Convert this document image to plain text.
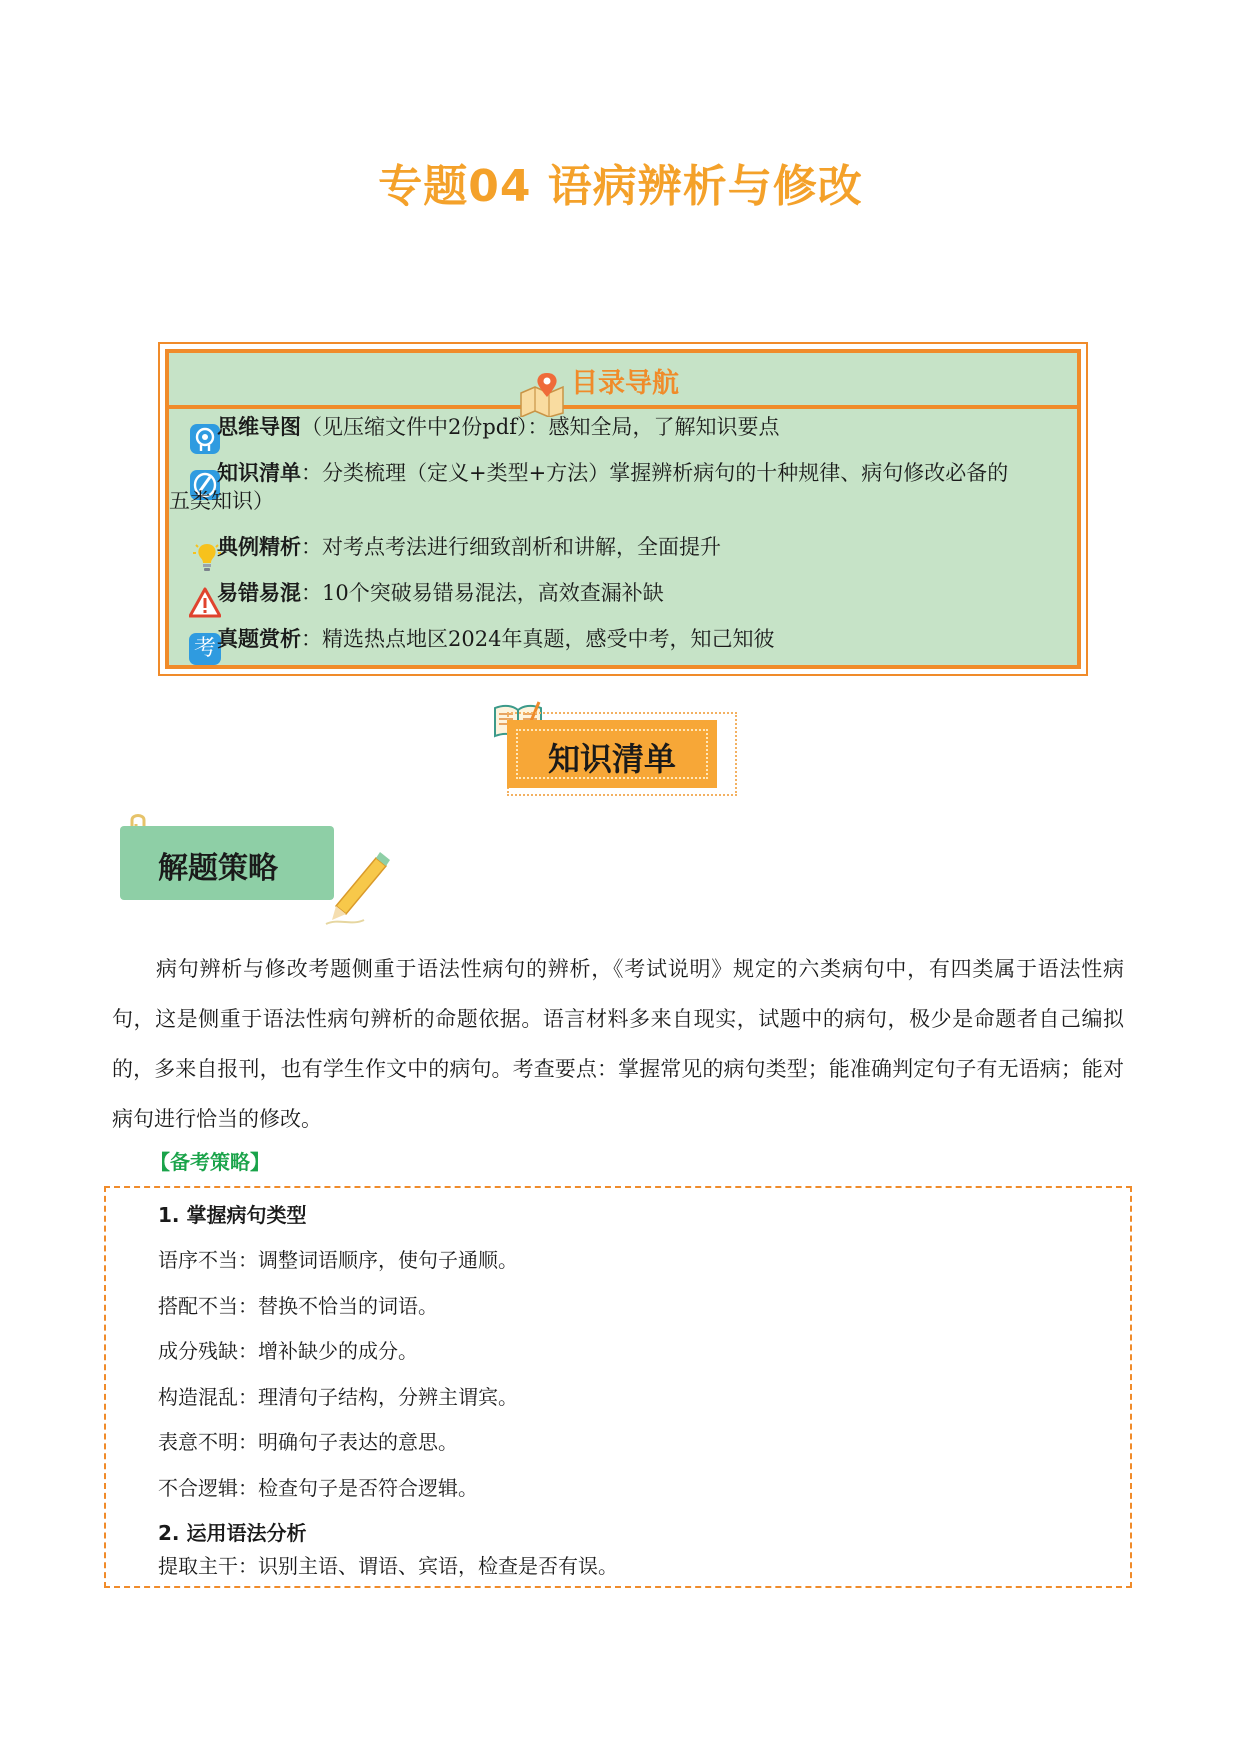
专题04 语病辨析与修改
目录导航
思维导图（见压缩文件中2份pdf）：感知全局，了解知识要点
知识清单：分类梳理（定义+类型+方法）掌握辨析病句的十种规律、病句修改必备的
五类知识）
典例精析：对考点考法进行细致剖析和讲解，全面提升
易错易混：10个突破易错易混法，高效查漏补缺
考 真题赏析：精选热点地区2024年真题，感受中考，知己知彼
知识清单
解题策略
病句辨析与修改考题侧重于语法性病句的辨析，《考试说明》规定的六类病句中，有四类属于语法性病句，这是侧重于语法性病句辨析的命题依据。语言材料多来自现实，试题中的病句，极少是命题者自己编拟的，多来自报刊，也有学生作文中的病句。考查要点：掌握常见的病句类型；能准确判定句子有无语病；能对病句进行恰当的修改。
【备考策略】
1. 掌握病句类型
语序不当：调整词语顺序，使句子通顺。
搭配不当：替换不恰当的词语。
成分残缺：增补缺少的成分。
构造混乱：理清句子结构，分辨主谓宾。
表意不明：明确句子表达的意思。
不合逻辑：检查句子是否符合逻辑。
2. 运用语法分析
提取主干：识别主语、谓语、宾语，检查是否有误。
